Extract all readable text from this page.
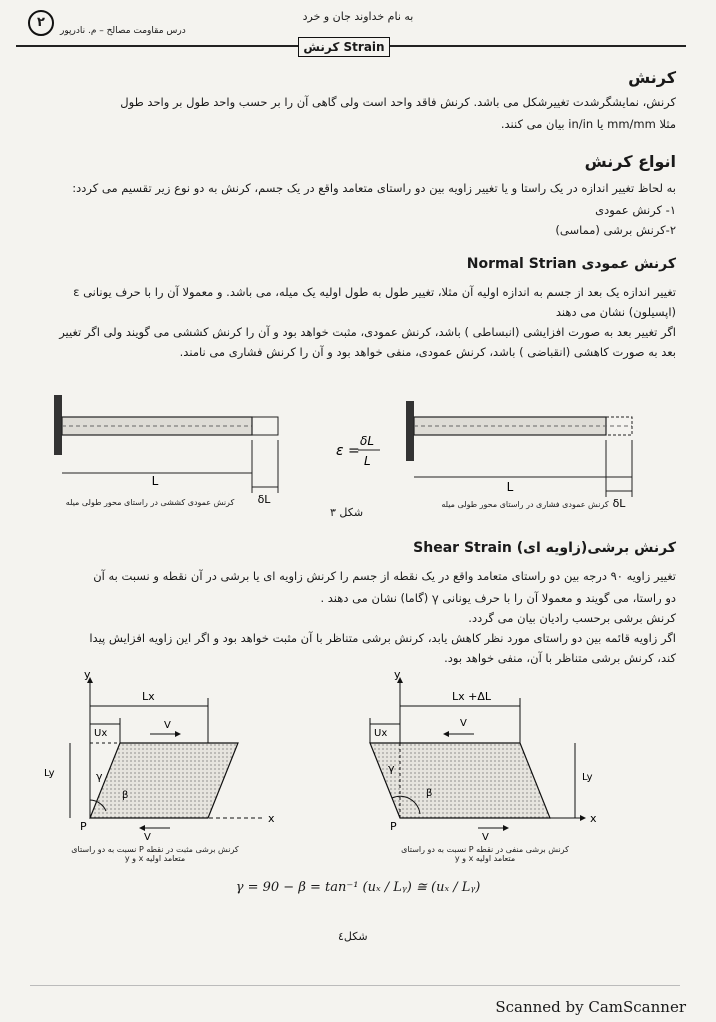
به نام خداوند جان و خرد
۲
درس مقاومت مصالح – م. نادرپور
Strain کرنش
کرنش
کرنش، نمایشگرشدت تغییرشکل می باشد. کرنش فاقد واحد است ولی گاهی آن را بر حسب واحد طول بر واحد طول
مثلا mm/mm یا in/in بیان می کنند.
انواع کرنش
به لحاظ تغییر اندازه در یک راستا و یا تغییر زاویه بین دو راستای متعامد واقع در یک جسم، کرنش به دو نوع زیر تقسیم می کردد:
۱- کرنش عمودی
۲-کرنش برشی (مماسی)
کرنش عمودی Normal Strian
تغییر اندازه یک بعد از جسم به اندازه اولیه آن مثلا، تغییر طول به طول اولیه یک میله، می باشد. و معمولا آن را با حرف یونانی ε
(اپسیلون) نشان می دهند
اگر تغییر بعد به صورت افزایشی (انبساطی ) باشد، کرنش عمودی، مثبت خواهد بود و آن را کرنش کششی می گویند ولی اگر تغییر
بعد به صورت کاهشی (انقباضی ) باشد، کرنش عمودی، منفی خواهد بود و آن را کرنش فشاری می نامند.
L
δL
ε =
δL
L
L
δL
کرنش عمودی کششی در راستای محور طولی میله	کرنش عمودی فشاری در راستای محور طولی میله
شکل ۳
کرنش برشی(زاویه ای) Shear Strain
تغییر زاویه ۹۰ درجه بین دو راستای متعامد واقع در یک نقطه از جسم را کرنش زاویه ای یا برشی در آن نقطه و نسبت به آن
دو راستا، می گویند و معمولا آن را با حرف یونانی γ (گاما) نشان می دهند .
کرنش برشی برحسب رادیان بیان می گردد.
اگر زاویه قائمه بین دو راستای مورد نظر کاهش یابد، کرنش برشی متناظر با آن مثبت خواهد بود و اگر این زاویه افزایش پیدا
کند، کرنش برشی متناظر با آن، منفی خواهد بود.
y
x
Lx
Ux
V
Ly	γ
β
P
V
y
x
Lx +ΔL
Ux
V
Ly
γ
β
P
V
کرنش برشی مثبت در نقطه P نسبت به دو راستای متعامد اولیه x و y
کرنش برشی منفی در نقطه P نسبت به دو راستای متعامد اولیه x و y
γ = 90 − β = tan⁻¹ (uₓ / Lᵧ) ≅ (uₓ / Lᵧ)
شکل٤
Scanned by CamScanner
